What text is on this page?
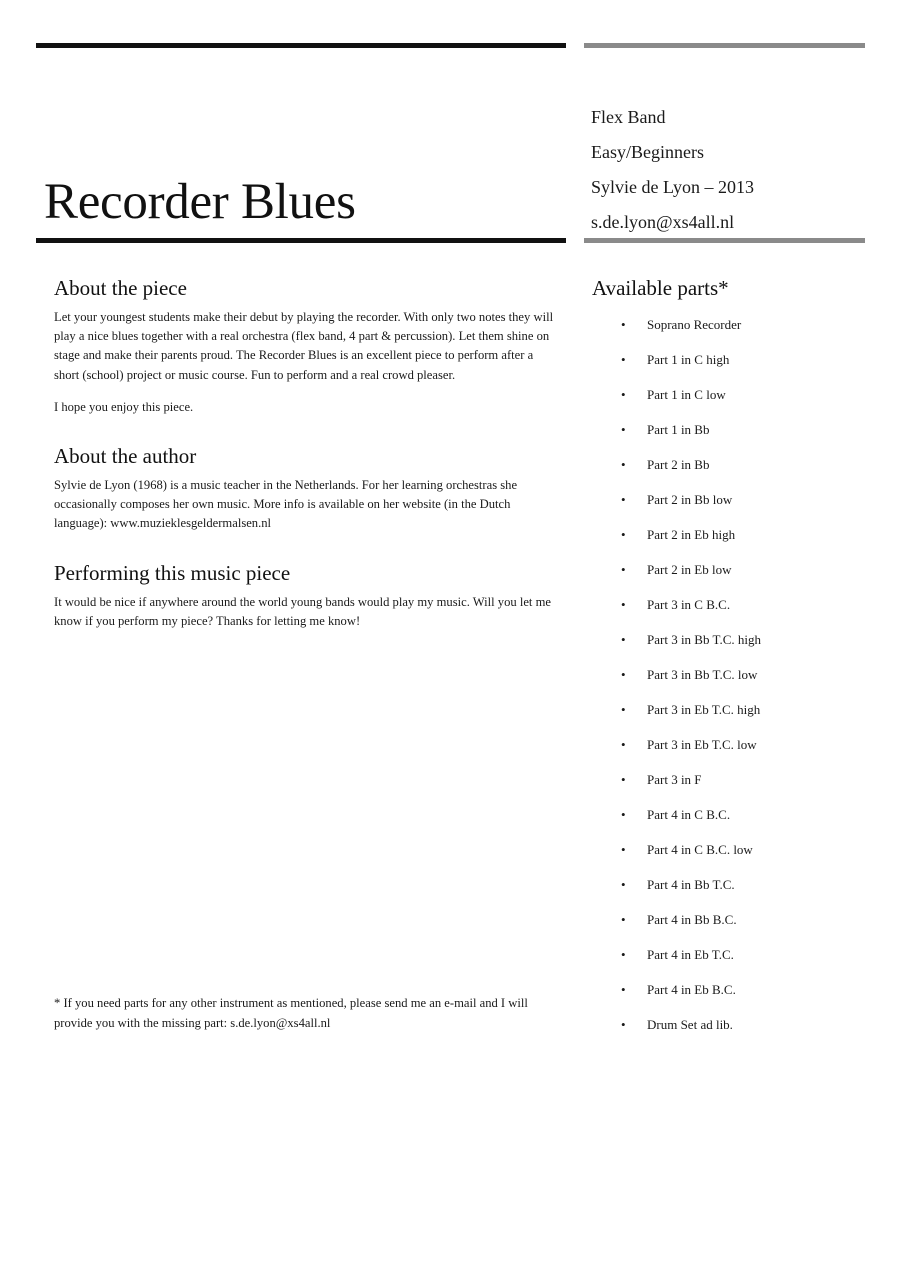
Recorder Blues
Flex Band
Easy/Beginners
Sylvie de Lyon – 2013
s.de.lyon@xs4all.nl
About the piece

Let your youngest students make their debut by playing the recorder. With only two notes they will play a nice blues together with a real orchestra (flex band, 4 part & percussion). Let them shine on stage and make their parents proud. The Recorder Blues is an excellent piece to perform after a short (school) project or music course. Fun to perform and a real crowd pleaser.

I hope you enjoy this piece.

About the author

Sylvie de Lyon (1968) is a music teacher in the Netherlands. For her learning orchestras she occasionally composes her own music. More info is available on her website (in the Dutch language): www.muzieklesgeldermalsen.nl

Performing this music piece

It would be nice if anywhere around the world young bands would play my music. Will you let me know if you perform my piece? Thanks for letting me know!

* If you need parts for any other instrument as mentioned, please send me an e-mail and I will provide you with the missing part: s.de.lyon@xs4all.nl

Available parts*
• Soprano Recorder
• Part 1 in C high
• Part 1 in C low
• Part 1 in Bb
• Part 2 in Bb
• Part 2 in Bb low
• Part 2 in Eb high
• Part 2 in Eb low
• Part 3 in C B.C.
• Part 3 in Bb T.C. high
• Part 3 in Bb T.C. low
• Part 3 in Eb T.C. high
• Part 3 in Eb T.C. low
• Part 3 in F
• Part 4 in C B.C.
• Part 4 in C B.C. low
• Part 4 in Bb T.C.
• Part 4 in Bb B.C.
• Part 4 in Eb T.C.
• Part 4 in Eb B.C.
• Drum Set ad lib.
